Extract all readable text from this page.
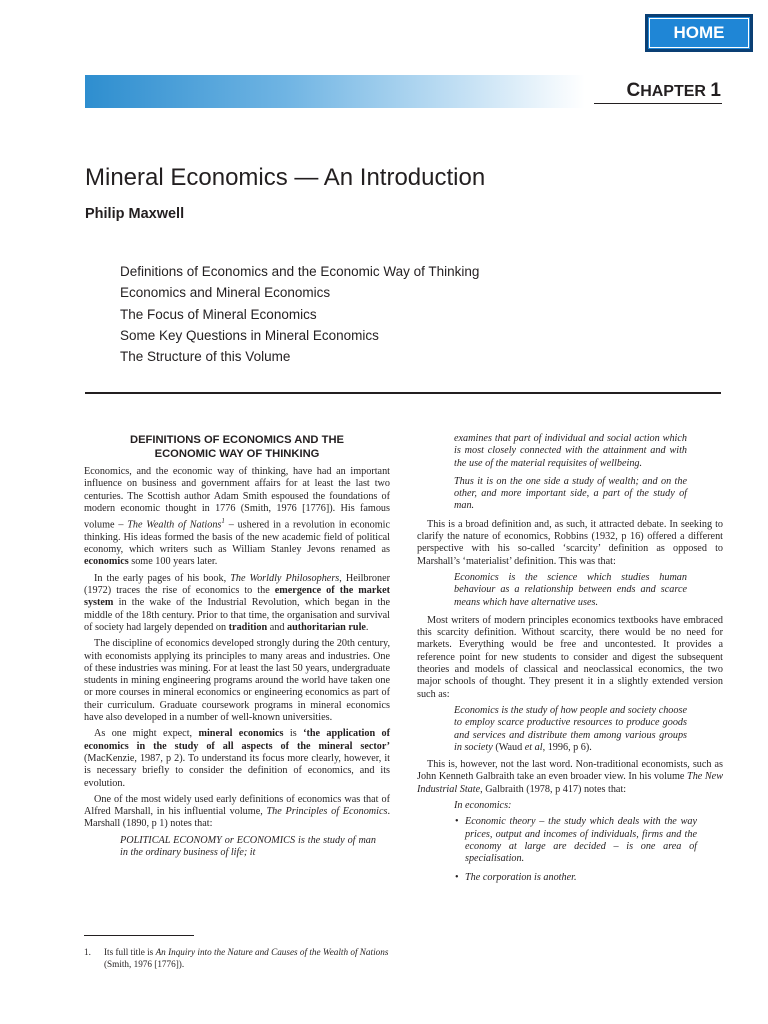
HOME
CHAPTER 1
Mineral Economics — An Introduction
Philip Maxwell
Definitions of Economics and the Economic Way of Thinking
Economics and Mineral Economics
The Focus of Mineral Economics
Some Key Questions in Mineral Economics
The Structure of this Volume
DEFINITIONS OF ECONOMICS AND THE
ECONOMIC WAY OF THINKING

Economics, and the economic way of thinking, have had an important influence on business and government affairs for at least the last two centuries. The Scottish author Adam Smith espoused the foundations of modern economic thought in 1776 (Smith, 1976 [1776]). His famous volume – The Wealth of Nations$^1$ – ushered in a revolution in economic thinking. His ideas formed the basis of the new academic field of political economy, which writers such as William Stanley Jevons renamed as economics some 100 years later.

In the early pages of his book, The Worldly Philosophers, Heilbroner (1972) traces the rise of economics to the emergence of the market system in the wake of the Industrial Revolution, which began in the middle of the 18th century. Prior to that time, the organisation and survival of society had largely depended on tradition and authoritarian rule.

The discipline of economics developed strongly during the 20th century, with economists applying its principles to many areas and industries. One of these industries was mining. For at least the last 50 years, undergraduate students in mining engineering programs around the world have taken one or more courses in mineral economics or engineering economics as part of their curriculum. Graduate coursework programs in mineral economics have also developed in a number of well-known universities.

As one might expect, mineral economics is ‘the application of economics in the study of all aspects of the mineral sector’ (MacKenzie, 1987, p 2). To understand its focus more clearly, however, it is necessary briefly to consider the definition of economics, and its evolution.

One of the most widely used early definitions of economics was that of Alfred Marshall, in his influential volume, The Principles of Economics. Marshall (1890, p 1) notes that:

POLITICAL ECONOMY or ECONOMICS is the study of man in the ordinary business of life; it

examines that part of individual and social action which is most closely connected with the attainment and with the use of the material requisites of wellbeing.

Thus it is on the one side a study of wealth; and on the other, and more important side, a part of the study of man.

This is a broad definition and, as such, it attracted debate. In seeking to clarify the nature of economics, Robbins (1932, p 16) offered a different perspective with his so-called ‘scarcity’ definition as opposed to Marshall’s ‘materialist’ definition. This was that:

Economics is the science which studies human behaviour as a relationship between ends and scarce means which have alternative uses.

Most writers of modern principles economics textbooks have embraced this scarcity definition. Without scarcity, there would be no need for markets. Everything would be free and uncontested. It provides a reference point for new students to consider and digest the subsequent theories and models of classical and neoclassical economics, the two major schools of thought. They present it in a slightly extended version such as:

Economics is the study of how people and society choose to employ scarce productive resources to produce goods and services and distribute them among various groups in society (Waud et al, 1996, p 6).

This is, however, not the last word. Non-traditional economists, such as John Kenneth Galbraith take an even broader view. In his volume The New Industrial State, Galbraith (1978, p 417) notes that:

In economics:

• Economic theory – the study which deals with the way prices, output and incomes of individuals, firms and the economy at large are decided – is one area of specialisation.

• The corporation is another.

1.	Its full title is An Inquiry into the Nature and Causes of the Wealth of Nations (Smith, 1976 [1776]).
